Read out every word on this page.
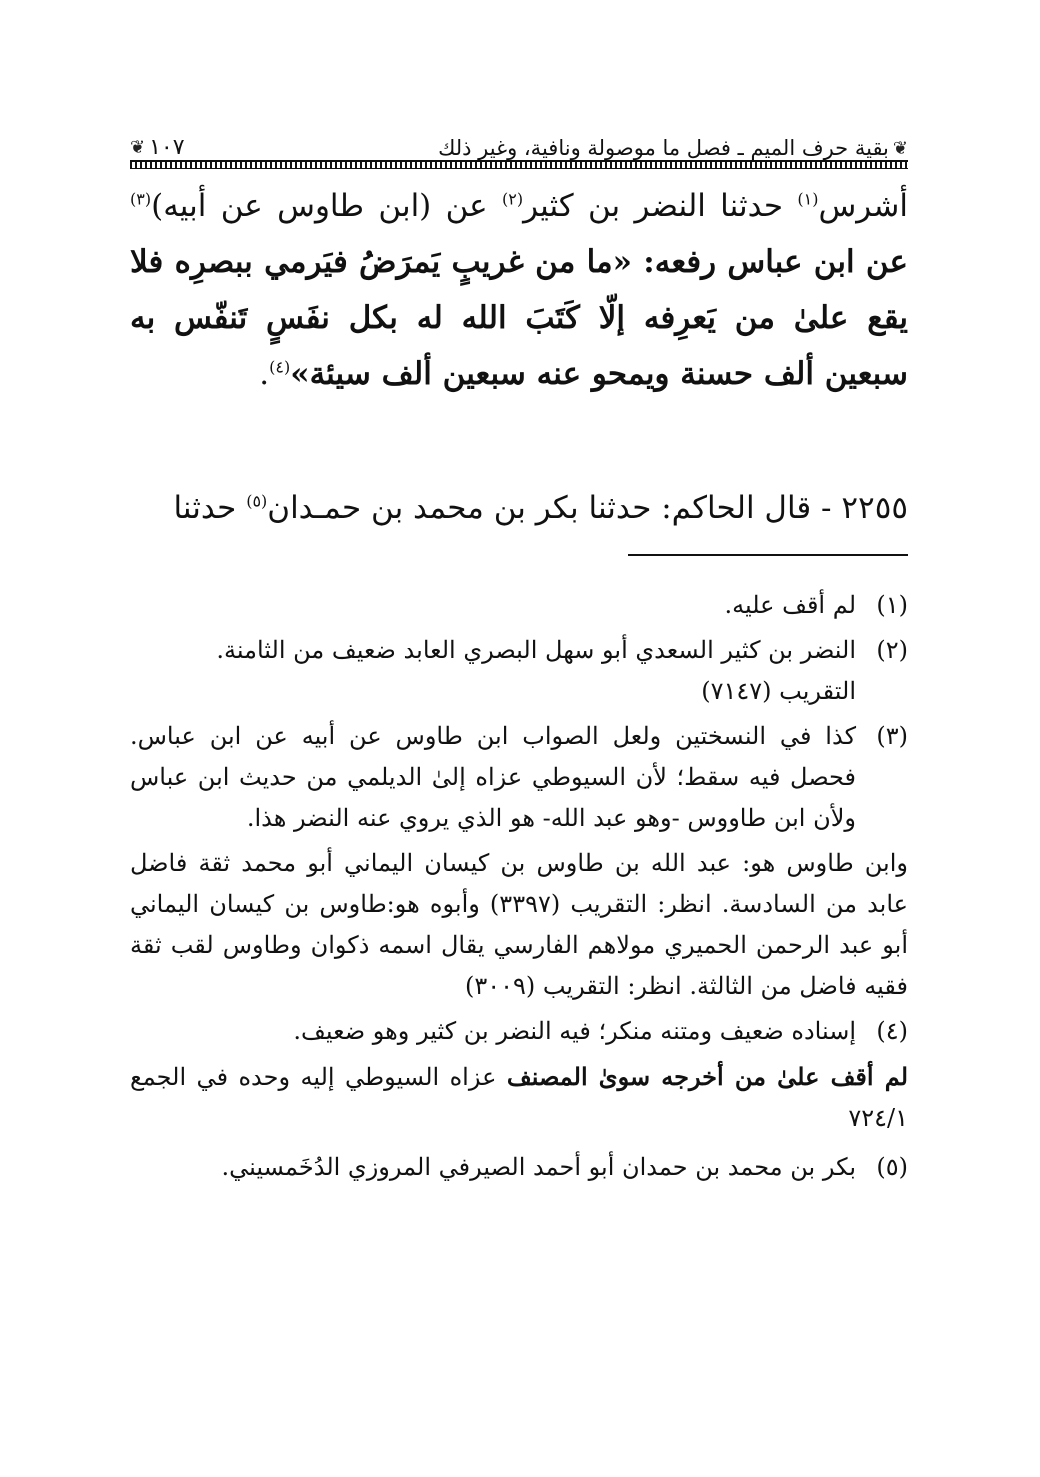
❦
بقية حرف الميم ـ فصل ما موصولة ونافية، وغير ذلك
١٠٧
❦

أشرس$^{(١)}$ حدثنا النضر بن كثير$^{(٢)}$ عن (ابن طاوس عن أبيه)$^{(٣)}$ عن ابن عباس رفعه: «ما من غريبٍ يَمرَضُ فيَرمي ببصرِه فلا يقع علىٰ من يَعرِفه إلّا كَتَبَ الله له بكل نفَسٍ تَنفّس به سبعين ألف حسنة ويمحو عنه سبعين ألف سيئة»$^{(٤)}$.

٢٢٥٥ - قال الحاكم: حدثنا بكر بن محمد بن حمـدان$^{(٥)}$ حدثنا
(١)
لم أقف عليه.
(٢)
النضر بن كثير السعدي أبو سهل البصري العابد ضعيف من الثامنة.
التقريب (٧١٤٧)
(٣)
كذا في النسختين ولعل الصواب ابن طاوس عن أبيه عن ابن عباس. فحصل فيه سقط؛ لأن السيوطي عزاه إلىٰ الديلمي من حديث ابن عباس ولأن ابن طاووس -وهو عبد الله- هو الذي يروي عنه النضر هذا.
وابن طاوس هو: عبد الله بن طاوس بن كيسان اليماني أبو محمد ثقة فاضل عابد من السادسة. انظر: التقريب (٣٣٩٧) وأبوه هو:طاوس بن كيسان اليماني أبو عبد الرحمن الحميري مولاهم الفارسي يقال اسمه ذكوان وطاوس لقب ثقة فقيه فاضل من الثالثة. انظر: التقريب (٣٠٠٩)
(٤)
إسناده ضعيف ومتنه منكر؛ فيه النضر بن كثير وهو ضعيف.
لم أقف علىٰ من أخرجه سوىٰ المصنف عزاه السيوطي إليه وحده في الجمع ٧٢٤/١
(٥)
بكر بن محمد بن حمدان أبو أحمد الصيرفي المروزي الدُخَمسيني.
